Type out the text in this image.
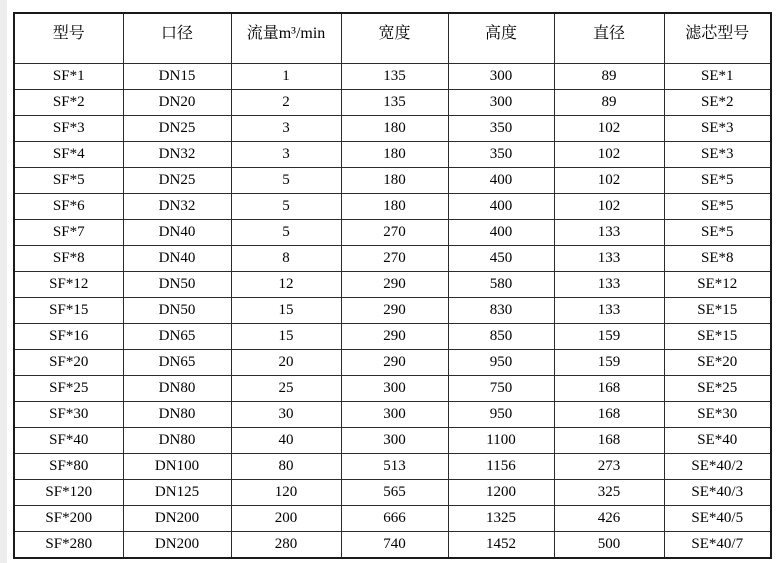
型号	口径	流量m³/min	宽度	高度	直径	滤芯型号
SF*1	DN15	1	135	300	89	SE*1
SF*2	DN20	2	135	300	89	SE*2
SF*3	DN25	3	180	350	102	SE*3
SF*4	DN32	3	180	350	102	SE*3
SF*5	DN25	5	180	400	102	SE*5
SF*6	DN32	5	180	400	102	SE*5
SF*7	DN40	5	270	400	133	SE*5
SF*8	DN40	8	270	450	133	SE*8
SF*12	DN50	12	290	580	133	SE*12
SF*15	DN50	15	290	830	133	SE*15
SF*16	DN65	15	290	850	159	SE*15
SF*20	DN65	20	290	950	159	SE*20
SF*25	DN80	25	300	750	168	SE*25
SF*30	DN80	30	300	950	168	SE*30
SF*40	DN80	40	300	1100	168	SE*40
SF*80	DN100	80	513	1156	273	SE*40/2
SF*120	DN125	120	565	1200	325	SE*40/3
SF*200	DN200	200	666	1325	426	SE*40/5
SF*280	DN200	280	740	1452	500	SE*40/7
